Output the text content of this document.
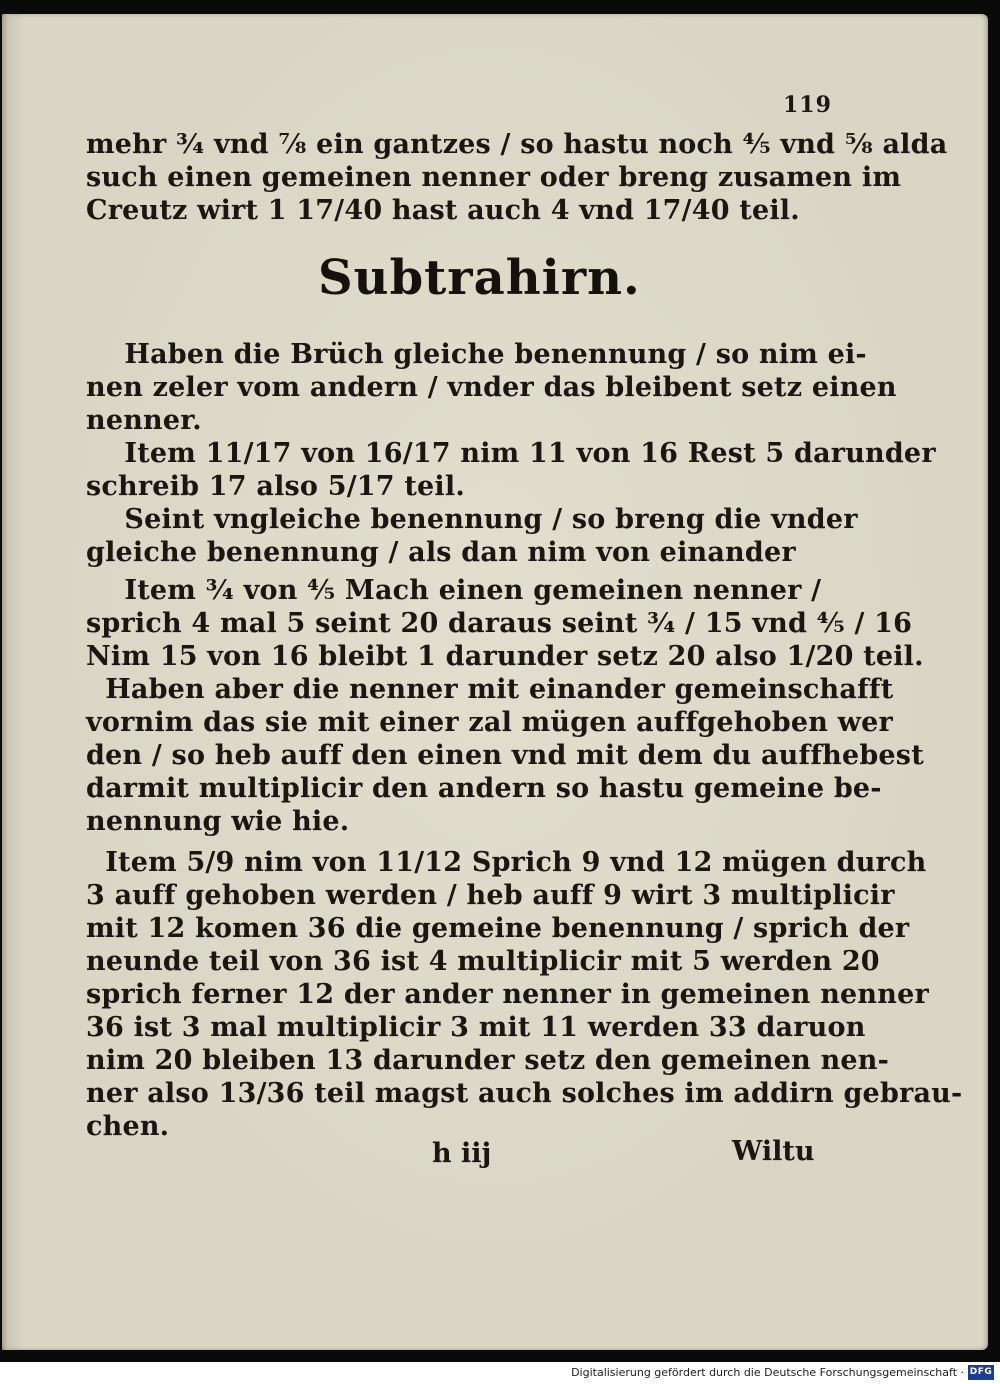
119
mehr ¾ vnd ⅞ ein gantzes / so hastu noch ⅘ vnd ⅝ alda
such einen gemeinen nenner oder breng zusamen im
Creutz wirt 1 17/40 hast auch 4 vnd 17/40 teil.
Subtrahirn.
Haben die Brüch gleiche benennung / so nim ei-
nen zeler vom andern / vnder das bleibent setz einen
nenner.
Item 11/17 von 16/17 nim 11 von 16 Rest 5 darunder
schreib 17 also 5/17 teil.
Seint vngleiche benennung / so breng die vnder
gleiche benennung / als dan nim von einander
Item ¾ von ⅘ Mach einen gemeinen nenner /
sprich 4 mal 5 seint 20 daraus seint ¾ / 15 vnd ⅘ / 16
Nim 15 von 16 bleibt 1 darunder setz 20 also 1/20 teil.
Haben aber die nenner mit einander gemeinschafft
vornim das sie mit einer zal mügen auffgehoben wer
den / so heb auff den einen vnd mit dem du auffhebest
darmit multiplicir den andern so hastu gemeine be-
nennung wie hie.
Item 5/9 nim von 11/12 Sprich 9 vnd 12 mügen durch
3 auff gehoben werden / heb auff 9 wirt 3 multiplicir
mit 12 komen 36 die gemeine benennung / sprich der
neunde teil von 36 ist 4 multiplicir mit 5 werden 20
sprich ferner 12 der ander nenner in gemeinen nenner
36 ist 3 mal multiplicir 3 mit 11 werden 33 daruon
nim 20 bleiben 13 darunder setz den gemeinen nen-
ner also 13/36 teil magst auch solches im addirn gebrau-
chen.
h iij	Wiltu
Digitalisierung gefördert durch die Deutsche Forschungsgemeinschaft · DFG
